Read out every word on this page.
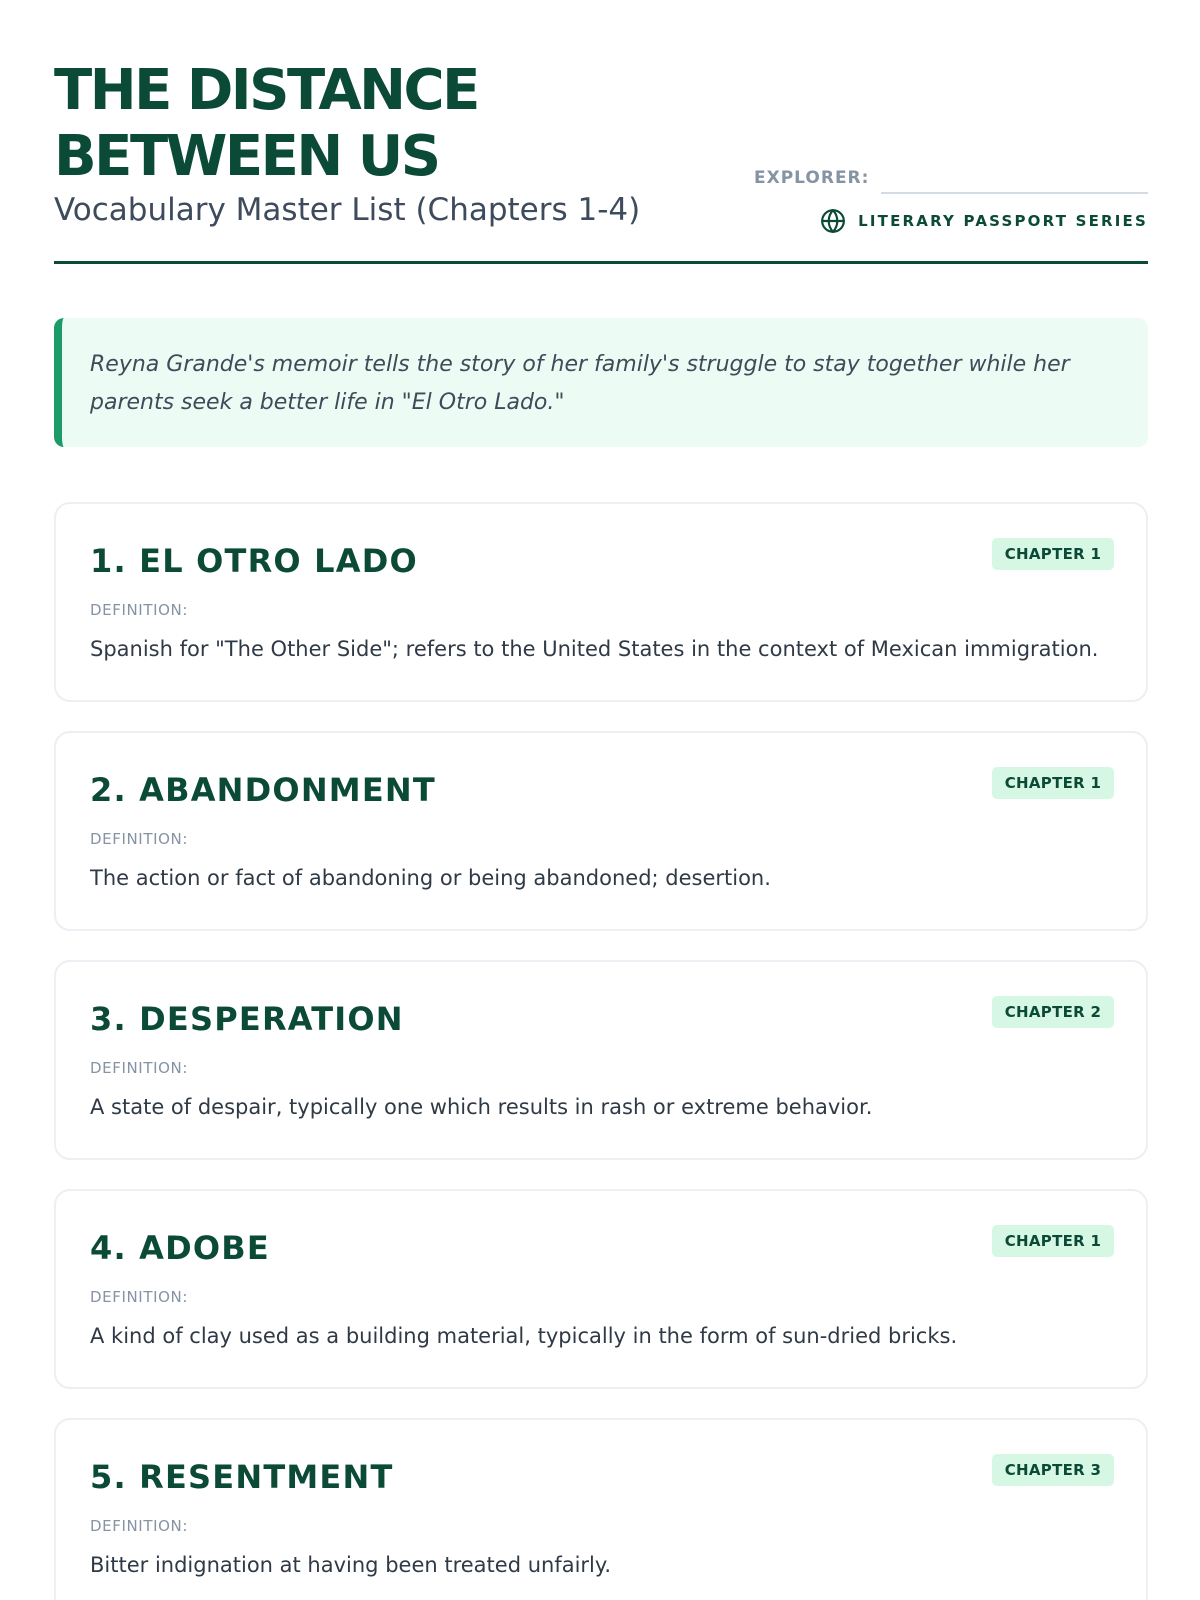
THE DISTANCE
BETWEEN US
Vocabulary Master List (Chapters 1-4)
EXPLORER:
LITERARY PASSPORT SERIES

Reyna Grande's memoir tells the story of her family's struggle to stay together while her parents seek a better life in "El Otro Lado."

1. EL OTRO LADO	CHAPTER 1
DEFINITION:
Spanish for "The Other Side"; refers to the United States in the context of Mexican immigration.
2. ABANDONMENT	CHAPTER 1
DEFINITION:
The action or fact of abandoning or being abandoned; desertion.
3. DESPERATION	CHAPTER 2
DEFINITION:
A state of despair, typically one which results in rash or extreme behavior.
4. ADOBE	CHAPTER 1
DEFINITION:
A kind of clay used as a building material, typically in the form of sun-dried bricks.
5. RESENTMENT	CHAPTER 3
DEFINITION:
Bitter indignation at having been treated unfairly.
